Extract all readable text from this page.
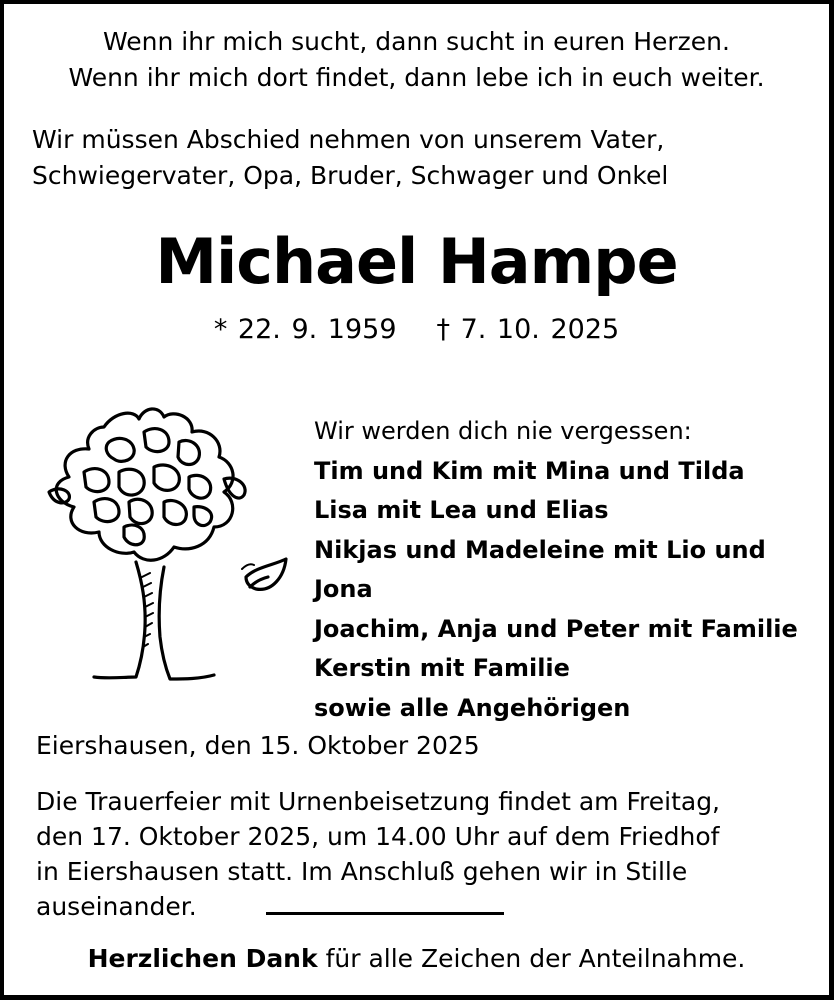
Wenn ihr mich sucht, dann sucht in euren Herzen.
Wenn ihr mich dort findet, dann lebe ich in euch weiter.
Wir müssen Abschied nehmen von unserem Vater,
Schwiegervater, Opa, Bruder, Schwager und Onkel
Michael Hampe
* 22. 9. 1959 † 7. 10. 2025
Wir werden dich nie vergessen:
Tim und Kim mit Mina und Tilda
Lisa mit Lea und Elias
Nikjas und Madeleine mit Lio und Jona
Joachim, Anja und Peter mit Familie
Kerstin mit Familie
sowie alle Angehörigen
Eiershausen, den 15. Oktober 2025
Die Trauerfeier mit Urnenbeisetzung findet am Freitag,
den 17. Oktober 2025, um 14.00 Uhr auf dem Friedhof
in Eiershausen statt. Im Anschluß gehen wir in Stille
auseinander.
Herzlichen Dank für alle Zeichen der Anteilnahme.
